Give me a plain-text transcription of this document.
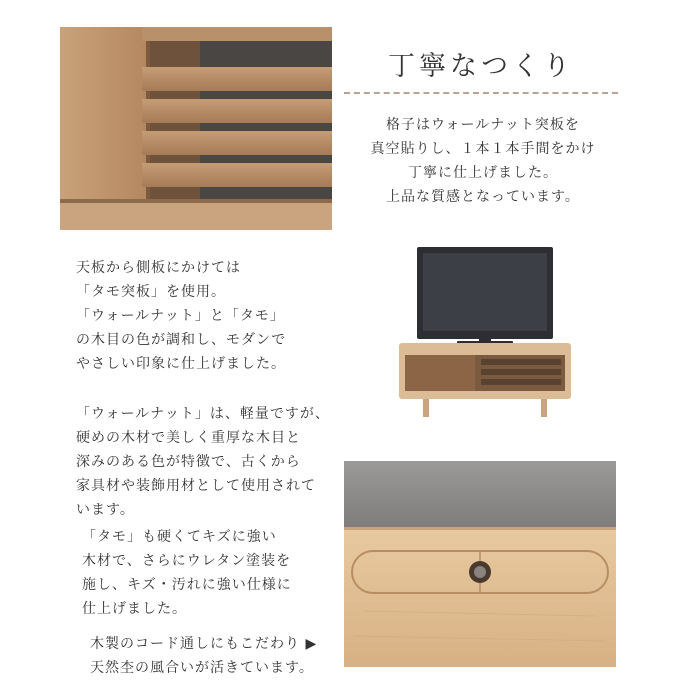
丁寧なつくり
格子はウォールナット突板を
真空貼りし、１本１本手間をかけ
丁寧に仕上げました。
上品な質感となっています。
天板から側板にかけては
「タモ突板」を使用。
「ウォールナット」と「タモ」
の木目の色が調和し、モダンで
やさしい印象に仕上げました。
「ウォールナット」は、軽量ですが、
硬めの木材で美しく重厚な木目と
深みのある色が特徴で、古くから
家具材や装飾用材として使用されて
います。
「タモ」も硬くてキズに強い
木材で、さらにウレタン塗装を
施し、キズ・汚れに強い仕様に
仕上げました。
木製のコード通しにもこだわり ▶
天然杢の風合いが活きています。
